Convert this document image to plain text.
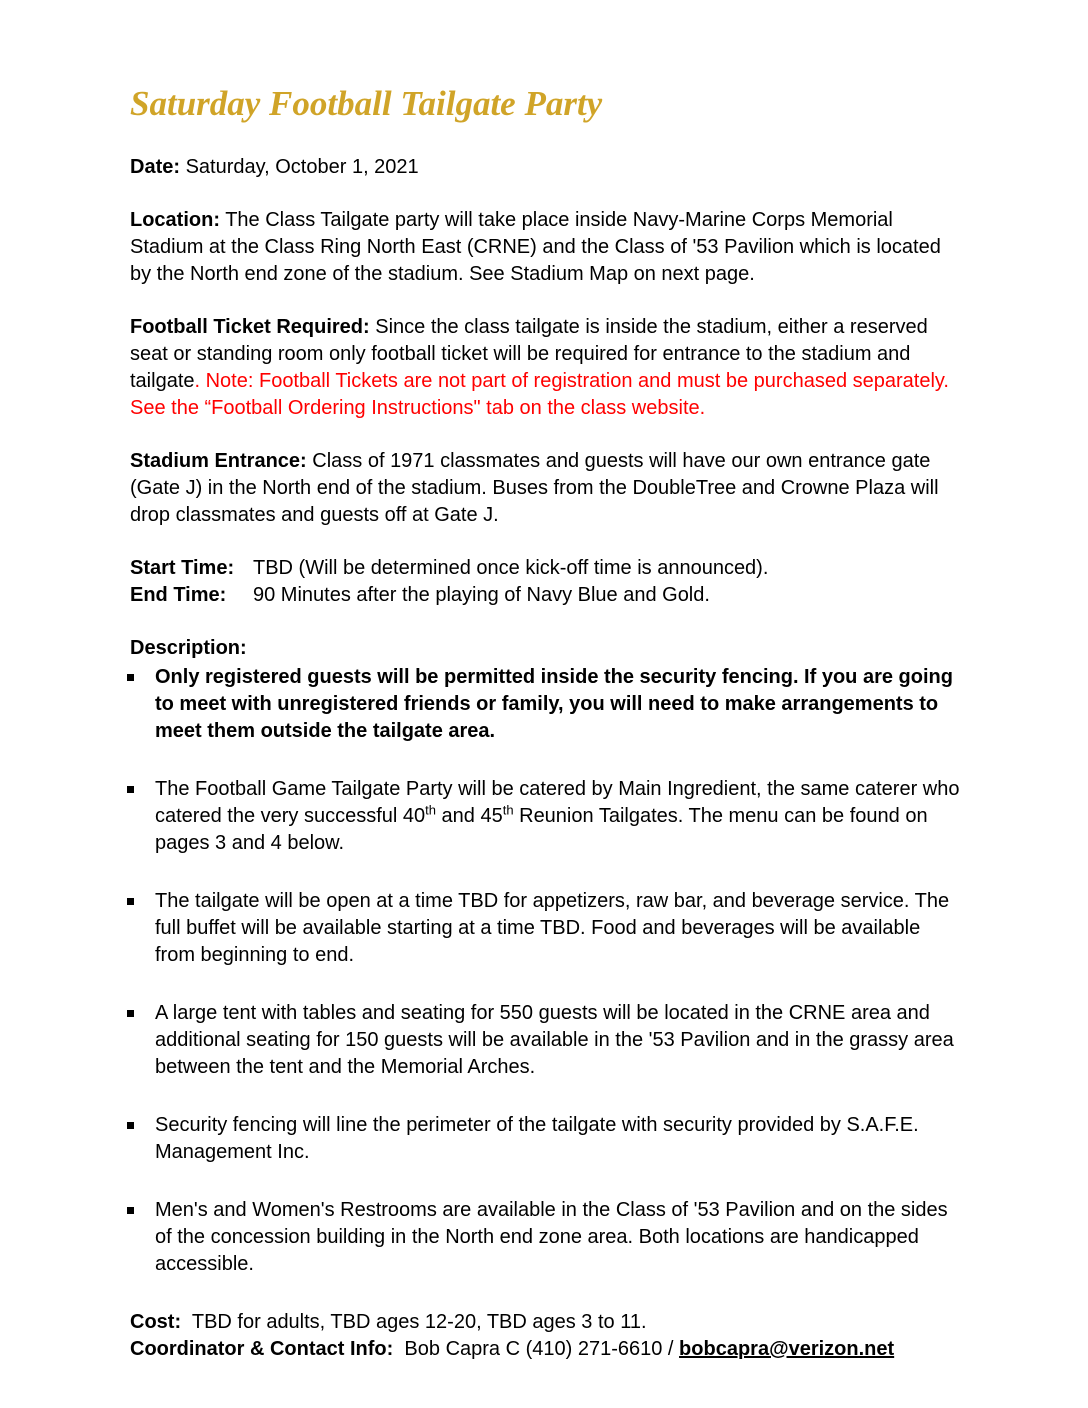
Saturday Football Tailgate Party

Date: Saturday, October 1, 2021

Location: The Class Tailgate party will take place inside Navy-Marine Corps Memorial Stadium at the Class Ring North East (CRNE) and the Class of '53 Pavilion which is located by the North end zone of the stadium. See Stadium Map on next page.

Football Ticket Required: Since the class tailgate is inside the stadium, either a reserved seat or standing room only football ticket will be required for entrance to the stadium and tailgate. Note: Football Tickets are not part of registration and must be purchased separately. See the “Football Ordering Instructions" tab on the class website.

Stadium Entrance: Class of 1971 classmates and guests will have our own entrance gate (Gate J) in the North end of the stadium. Buses from the DoubleTree and Crowne Plaza will drop classmates and guests off at Gate J.

Start Time: TBD (Will be determined once kick-off time is announced).
End Time: 90 Minutes after the playing of Navy Blue and Gold.
Description:
Only registered guests will be permitted inside the security fencing. If you are going to meet with unregistered friends or family, you will need to make arrangements to meet them outside the tailgate area.
The Football Game Tailgate Party will be catered by Main Ingredient, the same caterer who catered the very successful 40th and 45th Reunion Tailgates. The menu can be found on pages 3 and 4 below.
The tailgate will be open at a time TBD for appetizers, raw bar, and beverage service. The full buffet will be available starting at a time TBD. Food and beverages will be available from beginning to end.
A large tent with tables and seating for 550 guests will be located in the CRNE area and additional seating for 150 guests will be available in the '53 Pavilion and in the grassy area between the tent and the Memorial Arches.
Security fencing will line the perimeter of the tailgate with security provided by S.A.F.E. Management Inc.
Men's and Women's Restrooms are available in the Class of '53 Pavilion and on the sides of the concession building in the North end zone area. Both locations are handicapped accessible.

Cost:  TBD for adults, TBD ages 12-20, TBD ages 3 to 11.

Coordinator & Contact Info:  Bob Capra C (410) 271-6610 / bobcapra@verizon.net
